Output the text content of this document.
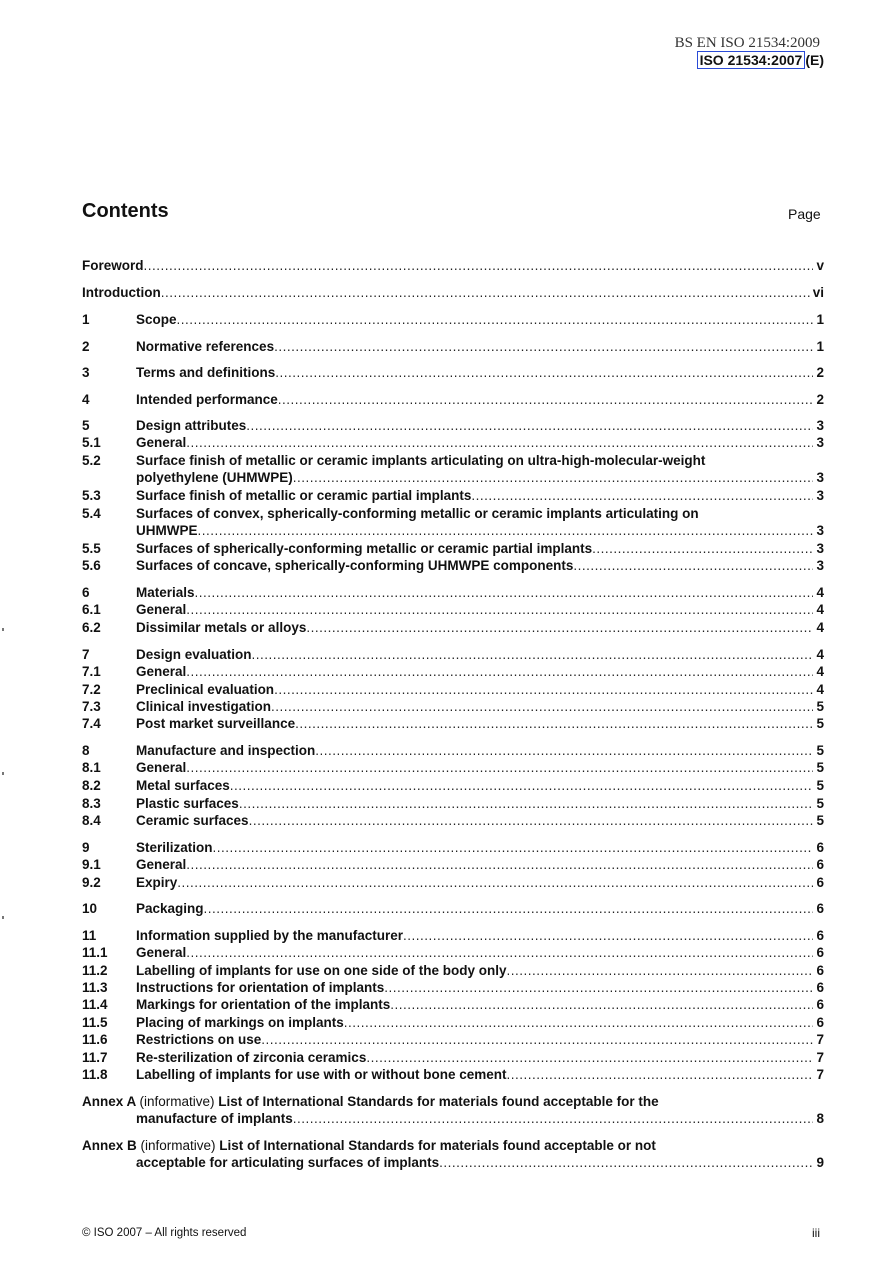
BS EN ISO 21534:2009
ISO 21534:2007 (E)
Contents	Page
Foreword .....	v
Introduction .....	vi
1	Scope .....	1
2	Normative references .....	1
3	Terms and definitions .....	2
4	Intended performance .....	2
5	Design attributes .....	3
5.1	General .....	3
5.2	Surface finish of metallic or ceramic implants articulating on ultra-high-molecular-weight
polyethylene (UHMWPE) .....	3
5.3	Surface finish of metallic or ceramic partial implants .....	3
5.4	Surfaces of convex, spherically-conforming metallic or ceramic implants articulating on
UHMWPE .....	3
5.5	Surfaces of spherically-conforming metallic or ceramic partial implants .....	3
5.6	Surfaces of concave, spherically-conforming UHMWPE components .....	3
6	Materials .....	4
6.1	General .....	4
6.2	Dissimilar metals or alloys .....	4
7	Design evaluation .....	4
7.1	General .....	4
7.2	Preclinical evaluation .....	4
7.3	Clinical investigation .....	5
7.4	Post market surveillance .....	5
8	Manufacture and inspection .....	5
8.1	General .....	5
8.2	Metal surfaces .....	5
8.3	Plastic surfaces .....	5
8.4	Ceramic surfaces .....	5
9	Sterilization .....	6
9.1	General .....	6
9.2	Expiry .....	6
10	Packaging .....	6
11	Information supplied by the manufacturer .....	6
11.1 General .....	6
11.2 Labelling of implants for use on one side of the body only .....	6
11.3 Instructions for orientation of implants .....	6
11.4 Markings for orientation of the implants .....	6
11.5 Placing of markings on implants .....	6
11.6 Restrictions on use .....	7
11.7 Re-sterilization of zirconia ceramics .....	7
11.8 Labelling of implants for use with or without bone cement .....	7
Annex A (informative) List of International Standards for materials found acceptable for the
manufacture of implants .....	8
Annex B (informative) List of International Standards for materials found acceptable or not
acceptable for articulating surfaces of implants .....	9
© ISO 2007 – All rights reserved	iii
